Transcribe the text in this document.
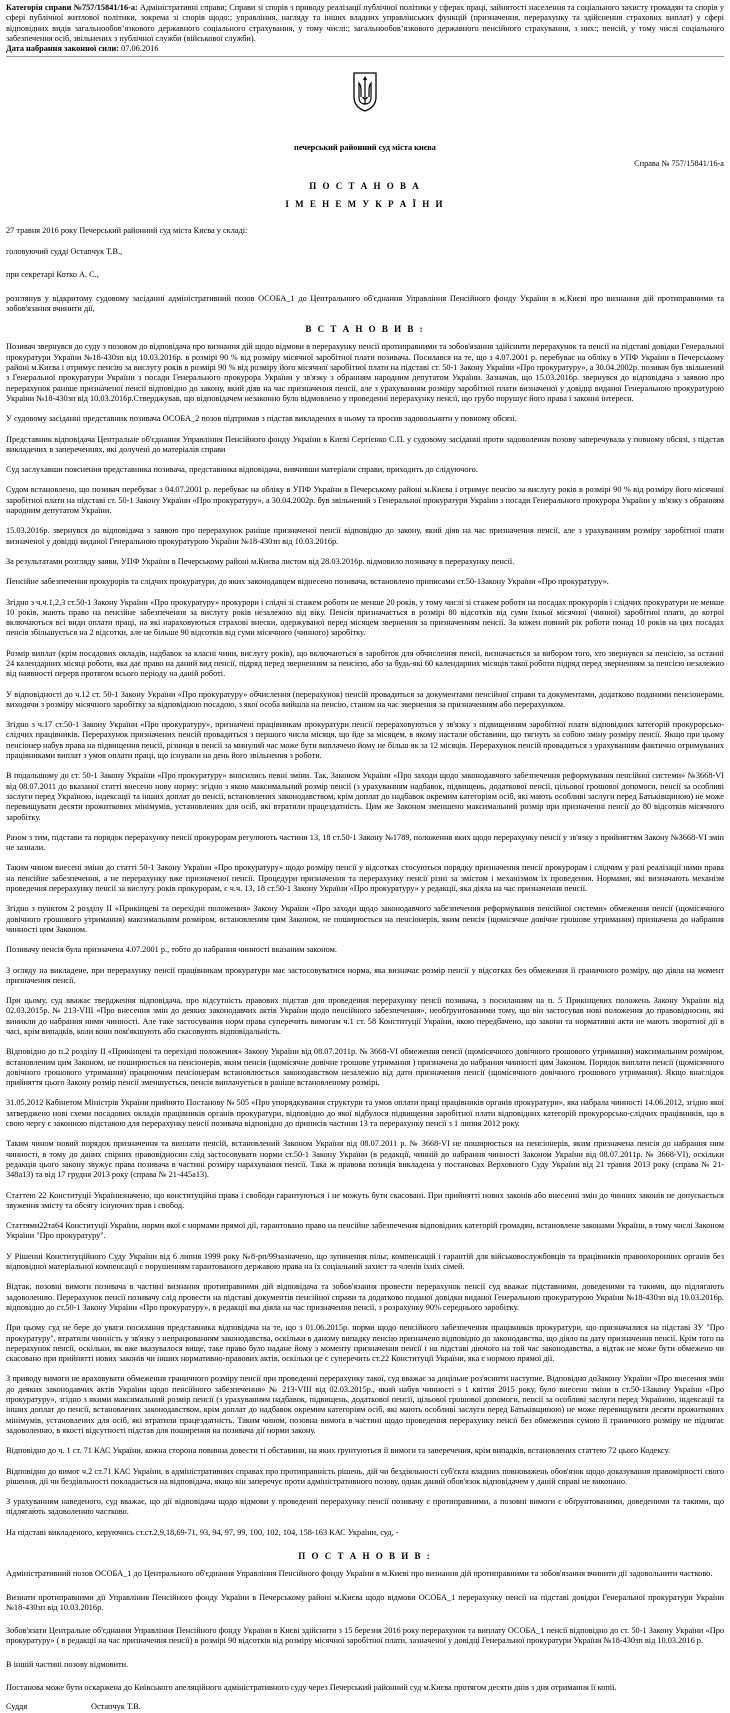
Категорія справи №757/15841/16-а: Адміністративні справи; Справи зі спорів з приводу реалізації публічної політики у сферах праці, зайнятості населення та соціального захисту громадян та спорів у сфері публічної житлової політики, зокрема зі спорів щодо:; управління, нагляду та інших владних управлінських функцій (призначення, перерахунку та здійснення страхових виплат) у сфері відповідних видів загальнообов’язкового державного соціального страхування, у тому числі:; загальнообов’язкового державного пенсійного страхування, з них:; пенсій, у тому числі соціального забезпечення осіб, звільнених з публічної служби (військової служби).

Дата набрання законної сили: 07.06.2016

печерський районний суд міста києва
Справа № 757/15841/16-а
П О С Т А Н О В А
І М Е Н Е М У К Р А Ї Н И

27 травня 2016 року Печерський районний суд міста Києва у складі:

головуючий судді Остапчук Т.В.,

при секретарі Котко А. С.,

розглянув у відкритому судовому засіданні адміністративний позов ОСОБА_1 до Центрального об'єднання Управління Пенсійного фонду України в м.Києві про визнання дій протиправними та зобов'язання вчинити дії,

В С Т А Н О В И В :

Позивач звернувся до суду з позовом до відповідача про визнання дій щодо відмови в перерахунку пенсії протиправними та зобов'язання здійснити перерахунок та пенсії на підставі довідки Генеральної прокуратури України №18-430зп від 10.03.2016р. в розмірі 90 % від розміру місячної заробітної плати позивача. Посилався на те, що з 4.07.2001 р. перебуває на обліку в УПФ України в Печерському районі м.Києва і отримує пенсію за вислугу років в розмірі 90 % від розміру його місячної заробітної плати на підставі ст. 50-1 Закону України «Про прокуратуру», а 30.04.2002р. позивач був звільнений з Генеральної прокуратури України з посади Генерального прокурора України у зв'язку з обранням народним депутатом України. Зазначав, що 15.03.2016р. звернувся до відповідача з заявою про перерахунок раніше призначеної пенсії відповідно до закону, який діяв на час призначення пенсії, але з урахуванням розміру заробітної плати визначеної у довідці виданої Генеральною прокуратурою України №18-430зп від 10.03.2016р.Стверджував, що відповідачем незаконно було відмовлено у проведенні перерахунку пенсії, що грубо порушує його права і законні інтереси.

У судовому засіданні представник позивача ОСОБА_2 позов підтримав з підстав викладених в ньому та просив задовольнити у повному обсязі.

Представник відповідача Центральне об'єднання Управління Пенсійного фонду України в Києві Сергієнко С.П. у судовому засіданні проти задоволення позову заперечувала у повному обсязі, з підстав викладених в запереченнях, які долучені до матеріалів справи

Суд заслухавши пояснення представника позивача, представника відповідача, вивчивши матеріали справи, приходить до слідуючого.

Судом встановлено, що позивач перебуває з 04.07.2001 р. перебуває на обліку в УПФ України в Печерському районі м.Києва і отримує пенсію за вислугу років в розмірі 90 % від розміру його місячної заробітної плати на підставі ст. 50-1 Закону України «Про прокуратуру», а 30.04.2002р. був звільнений з Генеральної прокуратури України з посади Генерального прокурора України у зв'язку з обранням народним депутатом України.

15.03.2016р. звернувся до відповідача з заявою про перерахунок раніше призначеної пенсії відповідно до закону, який діяв на час призначення пенсії, але з урахуванням розміру заробітної плати визначеної у довідці виданої Генеральною прокуратурою України №18-430зп від 10.03.2016р.

За результатами розгляду заяви, УПФ України в Печерському районі м.Києва листом від 28.03.2016р. відмовило позивачу в перерахунку пенсії.

Пенсійне забезпечення прокурорів та слідчих прокуратури, до яких законодавцем віднесено позивача, встановлено приписами ст.50-1Закону України «Про прокуратуру».

Згідно з ч.ч.1,2,3 ст.50-1 Закону України «Про прокуратуру» прокурори і слідчі зі стажем роботи не менше 20 років, у тому числі зі стажем роботи на посадах прокурорів і слідчих прокуратури не менше 10 років, мають право на пенсійне забезпечення за вислугу років незалежно від віку. Пенсія призначається в розмірі 80 відсотків від суми їхньої місячної (чинної) заробітної плати, до котрої включаються всі види оплати праці, на які нараховуються страхові внески, одержуваної перед місяцем звернення за призначенням пенсії. За кожен повний рік роботи понад 10 років на цих посадах пенсія збільшується на 2 відсотки, але не більше 90 відсотків від суми місячного (чинного) заробітку.

Розмір виплат (крім посадових окладів, надбавок за класні чини, вислугу років), що включаються в заробіток для обчислення пенсії, визначається за вибором того, хто звернувся за пенсією, за останні 24 календарних місяці роботи, яка дає право на даний вид пенсії, підряд перед зверненням за пенсією, або за будь-які 60 календарних місяців такої роботи підряд перед зверненням за пенсією незалежно від наявності перерв протягом всього періоду на даній роботі.

У відповідності до ч.12 ст. 50-1 Закону України «Про прокуратуру» обчислення (перерахунок) пенсій провадиться за документами пенсійної справи та документами, додатково поданими пенсіонерами, виходячи з розміру місячного заробітку за відповідною посадою, з якої особа вийшла на пенсію, станом на час звернення за призначенням або перерахунком.

Згідно з ч.17 ст.50-1 Закону України «Про прокуратуру», призначені працівникам прокуратури пенсії перераховуються у зв'язку з підвищенням заробітної плати відповідних категорій прокурорсько-слідчих працівників. Перерахунок призначених пенсій провадиться з першого числа місяця, що йде за місяцем, в якому настали обставини, що тягнуть за собою зміну розміру пенсії. Якщо при цьому пенсіонер набув права на підвищення пенсії, різниця в пенсії за минулий час може бути виплачено йому не більш як за 12 місяців. Перерахунок пенсій провадиться з урахуванням фактично отримуваних працівниками виплат з умов оплати праці, що існували на день його звільнення з роботи.

В подальшому до ст. 50-1 Закону України «Про прокуратуру» вносились певні зміни. Так, Законом України «Про заходи щодо законодавчого забезпечення реформування пенсійної системи» №3668-VI від 08.07.2011 до вказаної статті внесено нову норму: згідно з якою максимальний розмір пенсії (з урахуванням надбавок, підвищень, додаткової пенсії, цільової грошової допомоги, пенсії за особливі заслуги перед Україною, індексації та інших доплат до пенсії, встановлених законодавством, крім доплат до надбавок окремим категоріям осіб, які мають особливі заслуги перед Батьківщиною) не може перевищувати десяти прожиткових мінімумів, установлених для осіб, які втратили працездатність. Цим же Законом зменшено максимальний розмір при призначенні пенсії до 80 відсотків місячного заробітку.

Разом з тим, підстави та порядок перерахунку пенсії прокурорам регулюють частини 13, 18 ст.50-1 Закону №1789, положення яких щодо перерахунку пенсії у зв'язку з прийняттям Закону №3668-VI змін не зазнали.

Таким чином внесені зміни до статті 50-1 Закону України «Про прокуратуру» щодо розміру пенсії у відсотках стосуються порядку призначення пенсії прокурорам і слідчим у разі реалізації ними права на пенсійне забезпечення, а не перерахунку вже призначеної пенсії. Процедури призначення та перерахунку пенсії різні за змістом і механізмом їх проведення. Нормами, які визначають механізм проведення перерахунку пенсії за вислугу років прокурорам, є ч.ч. 13, 18 ст.50-1 Закону України «Про прокуратуру» у редакції, яка діяла на час призначення пенсії.

Згідно з пунктом 2 розділу II «Прикінцеві та перехідні положення» Закону України «Про заходи щодо законодавчого забезпечення реформування пенсійної системи» обмеження пенсії (щомісячного довічного грошового утримання) максимальним розміром, встановленим цим Законом, не поширюється на пенсіонерів, яким пенсія (щомісячне довічне грошове утримання) призначена до набрання чинності цим Законом.

Позивачу пенсія була призначена 4.07.2001 р., тобто до набрання чинності вказаним законом.

З огляду на викладене, при перерахунку пенсії працівникам прокуратури має застосовуватися норма, яка визначає розмір пенсії у відсотках без обмеження її граничного розміру, що діяла на момент призначення пенсії.

При цьому, суд вважає твердження відповідача, про відсутність правових підстав для проведення перерахунку пенсії позивача, з посиланням на п. 5 Прикінцевих положень Закону України від 02.03.2015р. № 213-VIII «Про внесення змін до деяких законодавчих актів України щодо пенсійного забезпечення», необґрунтованими тому, що він застосував нові положення до правовідносин, які виникли до набрання ними чинності. Але таке застосування норм права суперечить вимогам ч.1 ст. 58 Конституції України, якою передбачено, що закони та нормативні акти не мають зворотної дії в часі, крім випадків, коли вони пом'якшують або скасовують відповідальність.

Відповідно до п.2 розділу II «Прикінцеві та перехідні положення» Закону України від 08.07.2011р. № 3668-VI обмеження пенсії (щомісячного довічного грошового утримання) максимальним розміром, встановленим цим Законом, не поширюється на пенсіонерів, яким пенсія (щомісячне довічне грошове утримання ) призначена до набрання чинності цим Законом. Порядок виплати пенсії (щомісячного довічного грошового утримання) працюючим пенсіонерам встановлюється законодавством незалежно від дати призначення пенсії (щомісячного довічного грошового утримання). Якщо внаслідок прийняття цього Закону розмір пенсії зменшується, пенсія виплачується в раніше встановленому розмірі.

31.05.2012 Кабінетом Міністрів України прийнято Постанову № 505 «Про упорядкування структури та умов оплати праці працівників органів прокуратури», яка набрала чинності 14.06.2012, згідно якої затверджено нові схеми посадових окладів працівників органів прокуратури, відповідно до якої відбулося підвищення заробітної плати відповідних категорій прокурорсько-слідчих працівників, що в свою чергу є законною підставою для перерахунку пенсії позивача відповідно до приписів частини 13 та перерахунку пенсії з 1 липня 2012 року.

Таким чином новий порядок призначення та виплати пенсій, встановлений Законом України від 08.07.2011 р. № 3668-VI не поширюється на пенсіонерів, яким призначена пенсія до набрання ним чинності, в тому до даних спірних правовідносин слід застосовувати норми ст.50-1 Закону України (в редакції, чинній до набрання чинності Законом України від 08.07.2011р. № 3668-VI), оскільки редакція цього закону звужує права позивача в частині розміру нарахування пенсії. Така ж правова позиція викладена у постановах Верховного Суду України від 21 травня 2013 року (справа № 21-348а13) та від 17 грудня 2013 року (справа № 21-445а13).

Статтею 22 Конституції Українизначено, що конституційні права і свободи гарантуються і не можуть бути скасовані. При прийнятті нових законів або внесенні змін до чинних законів не допускається звуження змісту та обсягу існуючих прав і свобод.

Статтями22та64 Конституції України, норми якої є нормами прямої дії, гарантовано право на пенсійне забезпечення відповідних категорій громадян, встановлене законами України, в тому числі Законом України "Про прокуратуру".

У Рішенні Конституційного Суду України від 6 липня 1999 року №8-рп/99зазначено, що зупинення пільг, компенсацій і гарантій для військовослужбовців та працівників правоохоронних органів без відповідної матеріальної компенсації є порушенням гарантованого державою права на їх соціальний захист та членів їхніх сімей.

Відтак, позовні вимоги позивача в частині визнання протиправними дій відповідача та зобов'язання провести перерахунок пенсії суд вважає підставними, доведеними та такими, що підлягають задоволенню. Перерахунок пенсії позивачу слід провести на підставі документів пенсійної справи та додатково поданої довідки виданої Генеральною прокуратурою України №18-430зп від 10.03.2016р. відповідно до ст.50-1 Закону України «Про прокуратуру», в редакції яка діяла на час призначення пенсії, з розрахунку 90% середнього заробітку.

При цьому суд не бере до уваги посилання представника відповідача на те, що з 01.06.2015р. норми щодо пенсійного забезпечення працівників прокуратури, що призначалися на підставі ЗУ "Про прокуратуру", втратили чинність у зв'язку з непрацюванням законодавства, оскільки в даному випадку пенсію призначено відповідно до законодавства, що діяло на дату призначення пенсії. Крім того на перерахунок пенсії, оскільки, як вже вказувалося вище, таке право було надане йому з моменту призначення пенсії і на підставі діючого на той час законодавства, а відтак не може бути обмежено чи скасовано при прийнятті нових законів чи інших нормативно-правових актів, оскільки це є суперечить ст.22 Конституції України, яка є нормою прямої дії.

З приводу вимоги не враховувати обмеження граничного розміру пенсії при проведенні перерахунку такої, суд вважає за доцільне роз'яснити наступне. Відповідно доЗакону України «Про внесення змін до деяких законодавчих актів України щодо пенсійного забезпечення» № 213-VIII від 02.03.2015р., який набув чинності з 1 квітня 2015 року, було внесено зміни в ст.50-1Закону України «Про прокуратуру», згідно з якими максимальний розмір пенсії (з урахуванням надбавок, підвищень, додаткової пенсії, цільової грошової допомоги, пенсії за особливі заслуги перед Україною, індексації та інших доплат до пенсії, встановлених законодавством, крім доплат до надбавок окремим категоріям осіб, які мають особливі заслуги перед Батьківщиною) не може перевищувати десяти прожиткових мінімумів, установлених для осіб, які втратили працездатність. Таким чином, позовна вимога в частині щодо проведення перерахунку пенсії без обмеження сумою її граничного розміру не підлягає задоволенню, в якості відсутності підстав для поширення на позивача дії норми закону.

Відповідно до ч. 1 ст. 71 КАС України, кожна сторона повинна довести ті обставини, на яких ґрунтуються її вимоги та заперечення, крім випадків, встановлених статтею 72 цього Кодексу.

Відповідно до вимог ч.2 ст.71 КАС України, в адміністративних справах про протиправність рішень, дій чи бездіяльності суб'єкта владних повноважень обов'язок щодо доказування правомірності свого рішення, дії чи бездіяльності покладається на відповідача, якщо він заперечує проти адміністративного позову, однак даний обов'язок відповідачем у даній справі не виконано.

З урахуванням наведеного, суд вважає, що дії відповідача щодо відмови у проведенні перерахунку пенсії позивачу є протиправними, а позовні вимоги є обґрунтованими, доведеними та такими, що підлягають задоволенню частково.

На підставі викладеного, керуючись ст.ст.2,9,18,69-71, 93, 94, 97, 99, 100, 102, 104, 158-163 КАС України, суд, -

П О С Т А Н О В И В :

Адміністративний позов ОСОБА_1 до Центрального об'єднання Управління Пенсійного фонду України в м.Києві про визнання дій протиправними та зобов'язання вчинити дії задовольнити частково.

Визнати протиправними дії Управління Пенсійного фонду України в Печерському районі м.Києва щодо відмови ОСОБА_1 перерахунку пенсії на підставі довідки Генеральної прокуратури України №18-430зп від 10.03.2016р.

Зобов'язати Центральне об'єднання Управління Пенсійного фонду України в Києві здійснити з 15 березня 2016 року перерахунок та виплату ОСОБА_1 пенсії відповідно до ст. 50-1 Закону України «Про прокуратуру» ( в редакції на час призначення пенсії) в розмірі 90 відсотків від розміру місячної заробітної плати, зазначеної у довідці Генеральної прокуратури України №18-430зп від 10.03.2016 р.

В іншій частині позову відмовити.

Постанова може бути оскаржена до Київського апеляційного адміністративного суду через Печерський районний суд м.Києва протягом десяти днів з дня отримання її копії.

Суддя	Остапчук Т.В.
